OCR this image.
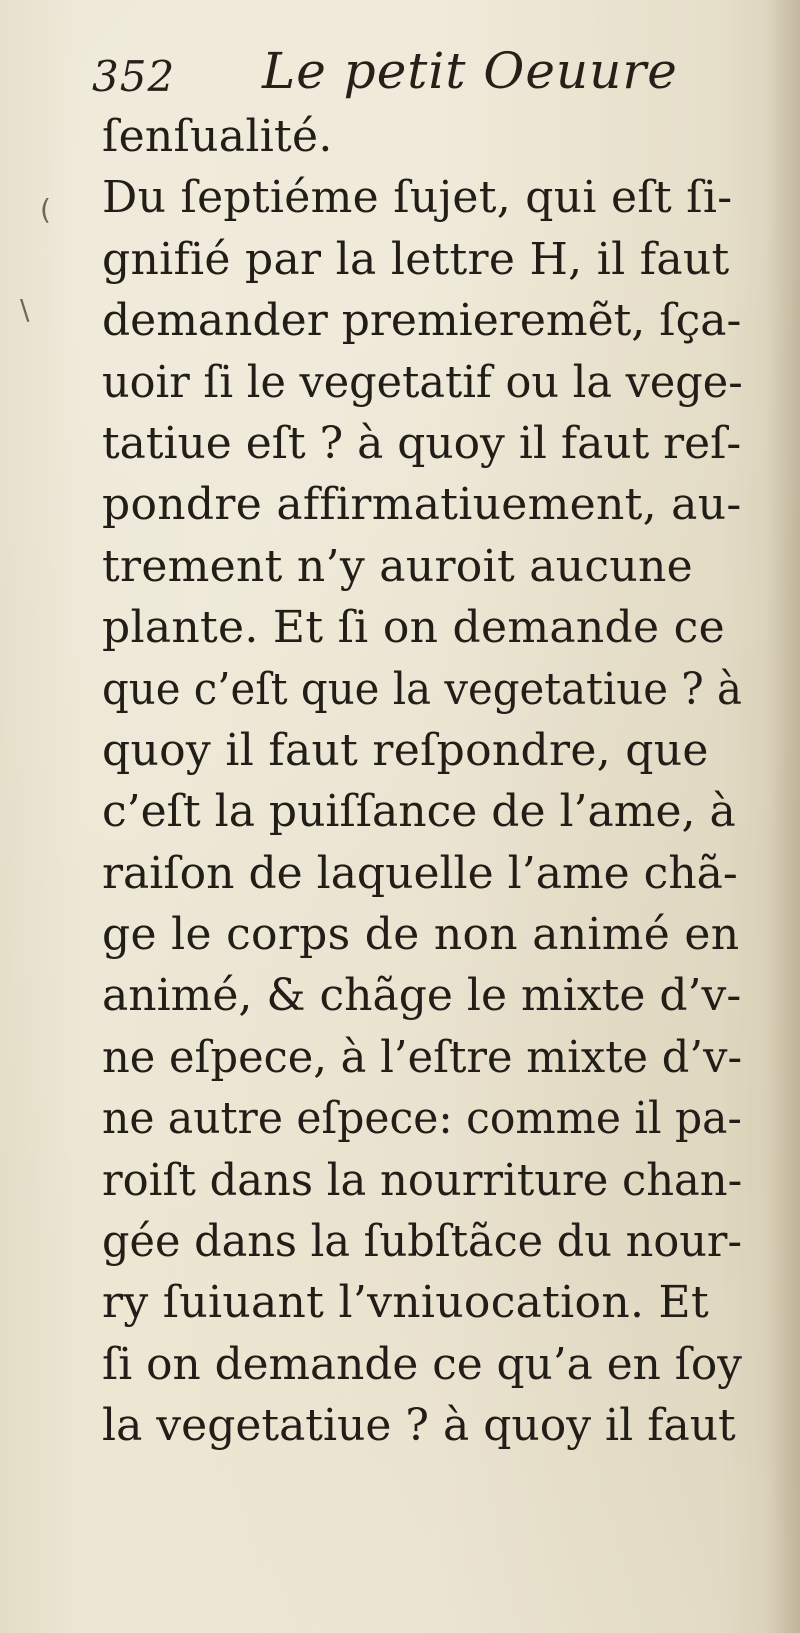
352 Le petit Oeuure
(
\
ſenſualité.
Du ſeptiéme ſujet, qui eſt ſi-
gnifié par la lettre H, il faut
demander premieremẽt, ſça-
uoir ſi le vegetatif ou la vege-
tatiue eſt ? à quoy il faut reſ-
pondre affirmatiuement, au-
trement n’y auroit aucune
plante. Et ſi on demande ce
que c’eſt que la vegetatiue ? à
quoy il faut reſpondre, que
c’eſt la puiſſance de l’ame, à
raiſon de laquelle l’ame chã-
ge le corps de non animé en
animé, & chãge le mixte d’v-
ne eſpece, à l’eſtre mixte d’v-
ne autre eſpece: comme il pa-
roiſt dans la nourriture chan-
gée dans la ſubſtãce du nour-
ry ſuiuant l’vniuocation. Et
ſi on demande ce qu’a en ſoy
la vegetatiue ? à quoy il faut
